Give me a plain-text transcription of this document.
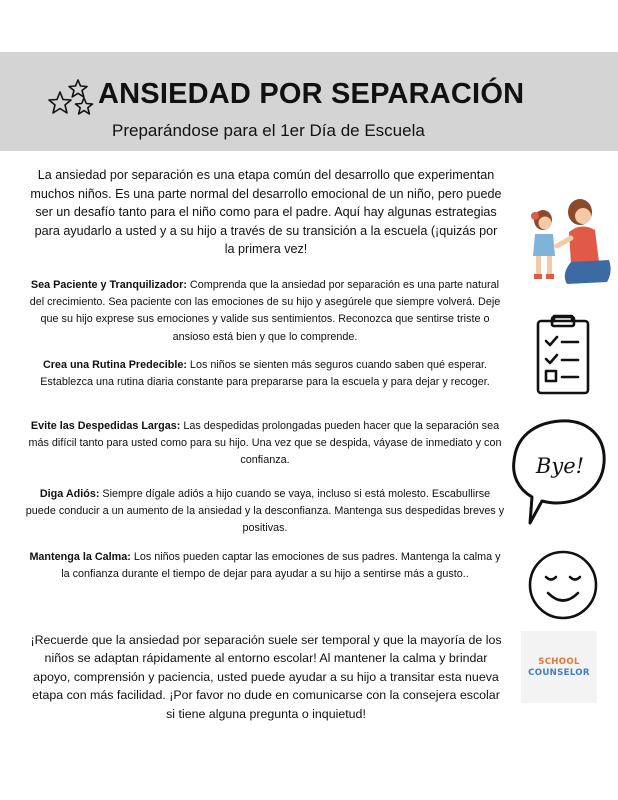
ANSIEDAD POR SEPARACIÓN
Preparándose para el 1er Día de Escuela
La ansiedad por separación es una etapa común del desarrollo que experimentan muchos niños. Es una parte normal del desarrollo emocional de un niño, pero puede ser un desafío tanto para el niño como para el padre. Aquí hay algunas estrategias para ayudarlo a usted y a su hijo a través de su transición a la escuela (¡quizás por la primera vez!
Sea Paciente y Tranquilizador: Comprenda que la ansiedad por separación es una parte natural del crecimiento. Sea paciente con las emociones de su hijo y asegúrele que siempre volverá. Deje que su hijo exprese sus emociones y valide sus sentimientos. Reconozca que sentirse triste o ansioso está bien y que lo comprende.
Crea una Rutina Predecible: Los niños se sienten más seguros cuando saben qué esperar. Establezca una rutina diaria constante para prepararse para la escuela y para dejar y recoger.
Evite las Despedidas Largas: Las despedidas prolongadas pueden hacer que la separación sea más difícil tanto para usted como para su hijo. Una vez que se despida, váyase de inmediato y con confianza.
Diga Adiós: Siempre dígale adiós a hijo cuando se vaya, incluso si está molesto. Escabullirse puede conducir a un aumento de la ansiedad y la desconfianza. Mantenga sus despedidas breves y positivas.
Mantenga la Calma: Los niños pueden captar las emociones de sus padres. Mantenga la calma y la confianza durante el tiempo de dejar para ayudar a su hijo a sentirse más a gusto..
¡Recuerde que la ansiedad por separación suele ser temporal y que la mayoría de los niños se adaptan rápidamente al entorno escolar! Al mantener la calma y brindar apoyo, comprensión y paciencia, usted puede ayudar a su hijo a transitar esta nueva etapa con más facilidad. ¡Por favor no dude en comunicarse con la consejera escolar si tiene alguna pregunta o inquietud!
Bye!
SCHOOL
COUNSELOR
